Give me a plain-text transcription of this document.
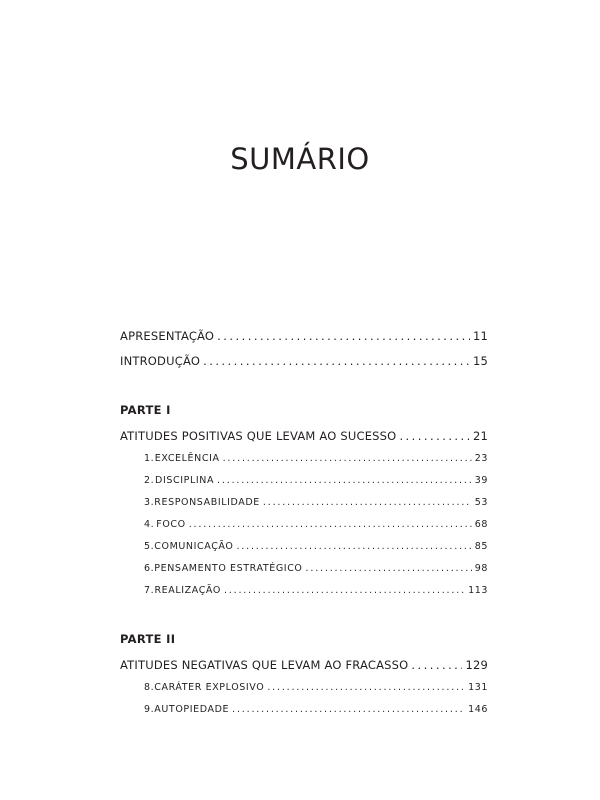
SUMÁRIO
APRESENTAÇÃO . . .	11
INTRODUÇÃO . . .	15
PARTE I
ATITUDES POSITIVAS QUE LEVAM AO SUCESSO . . .	21
1. EXCELÊNCIA . . .	23
2. DISCIPLINA . . .	39
3. RESPONSABILIDADE . . .	53
4. FOCO . . .	68
5. COMUNICAÇÃO . . .	85
6. PENSAMENTO ESTRATÉGICO . . .	98
7. REALIZAÇÃO . . .	113
PARTE II
ATITUDES NEGATIVAS QUE LEVAM AO FRACASSO . . .	129
8. CARÁTER EXPLOSIVO . . .	131
9. AUTOPIEDADE . . .	146
